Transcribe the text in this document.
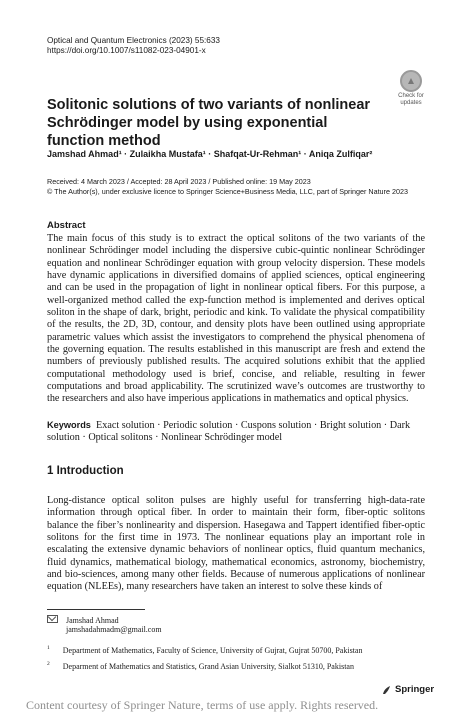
Optical and Quantum Electronics (2023) 55:633
https://doi.org/10.1007/s11082-023-04901-x
Check for
updates
Solitonic solutions of two variants of nonlinear Schrödinger model by using exponential function method
Jamshad Ahmad¹ · Zulaikha Mustafa¹ · Shafqat-Ur-Rehman¹ · Aniqa Zulfiqar²
Received: 4 March 2023 / Accepted: 28 April 2023 / Published online: 19 May 2023
© The Author(s), under exclusive licence to Springer Science+Business Media, LLC, part of Springer Nature 2023
Abstract
The main focus of this study is to extract the optical solitons of the two variants of the nonlinear Schrödinger model including the dispersive cubic-quintic nonlinear Schrödinger equation and nonlinear Schrödinger equation with group velocity dispersion. These models have dynamic applications in diversified domains of applied sciences, optical engineering and can be used in the propagation of light in nonlinear optical fibers. For this purpose, a well-organized method called the exp-function method is implemented and derives optical soliton in the shape of dark, bright, periodic and kink. To validate the physical compatibility of the results, the 2D, 3D, contour, and density plots have been outlined using appropriate parametric values which assist the investigators to comprehend the physical phenomena of the governing equation. The results established in this manuscript are fresh and extend the numbers of previously published results. The acquired solutions exhibit that the applied computational methodology used is brief, concise, and reliable, resulting in fewer computations and broad applicability. The scrutinized wave’s outcomes are trustworthy to the researchers and also have imperious applications in mathematics and optical physics.
Keywords Exact solution · Periodic solution · Cuspons solution · Bright solution · Dark solution · Optical solitons · Nonlinear Schrödinger model
1 Introduction
Long-distance optical soliton pulses are highly useful for transferring high-data-rate information through optical fiber. In order to maintain their form, fiber-optic solitons balance the fiber’s nonlinearity and dispersion. Hasegawa and Tappert identified fiber-optic solitons for the first time in 1973. The nonlinear equations play an important role in escalating the extensive dynamic behaviors of nonlinear optics, fluid quantum mechanics, fluid dynamics, mathematical biology, mathematical economics, astronomy, biochemistry, and bio-sciences, among many other fields. Because of numerous applications of nonlinear equation (NLEEs), many researchers have taken an interest to solve these kinds of
Jamshad Ahmad
jamshadahmadm@gmail.com
$^1$ Department of Mathematics, Faculty of Science, University of Gujrat, Gujrat 50700, Pakistan
$^2$ Deparment of Mathematics and Statistics, Grand Asian University, Sialkot 51310, Pakistan
Springer
Content courtesy of Springer Nature, terms of use apply. Rights reserved.
